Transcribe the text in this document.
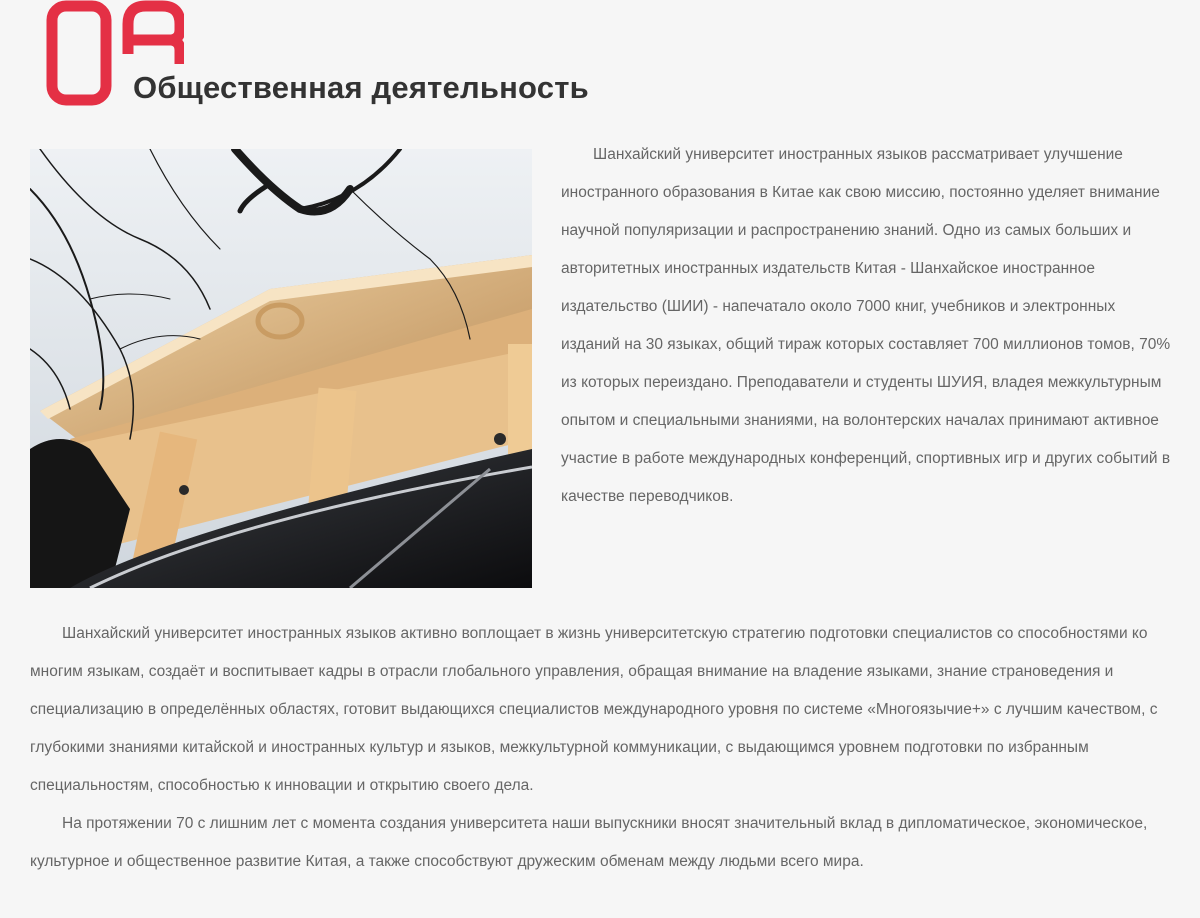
Общественная деятельность

Шанхайский университет иностранных языков рассматривает улучшение иностранного образования в Китае как свою миссию, постоянно уделяет внимание научной популяризации и распространению знаний. Одно из самых больших и авторитетных иностранных издательств Китая - Шанхайское иностранное издательство (ШИИ) - напечатало около 7000 книг, учебников и электронных изданий на 30 языках, общий тираж которых составляет 700 миллионов томов, 70% из которых переиздано. Преподаватели и студенты ШУИЯ, владея межкультурным опытом и специальными знаниями, на волонтерских началах принимают активное участие в работе международных конференций, спортивных игр и других событий в качестве переводчиков.

Шанхайский университет иностранных языков активно воплощает в жизнь университетскую стратегию подготовки специалистов со способностями ко многим языкам, создаёт и воспитывает кадры в отрасли глобального управления, обращая внимание на владение языками, знание страноведения и специализацию в определённых областях, готовит выдающихся специалистов международного уровня по системе «Многоязычие+» с лучшим качеством, с глубокими знаниями китайской и иностранных культур и языков, межкультурной коммуникации, с выдающимся уровнем подготовки по избранным специальностям, способностью к инновации и открытию своего дела.

На протяжении 70 с лишним лет с момента создания университета наши выпускники вносят значительный вклад в дипломатическое, экономическое, культурное и общественное развитие Китая, а также способствуют дружеским обменам между людьми всего мира.
